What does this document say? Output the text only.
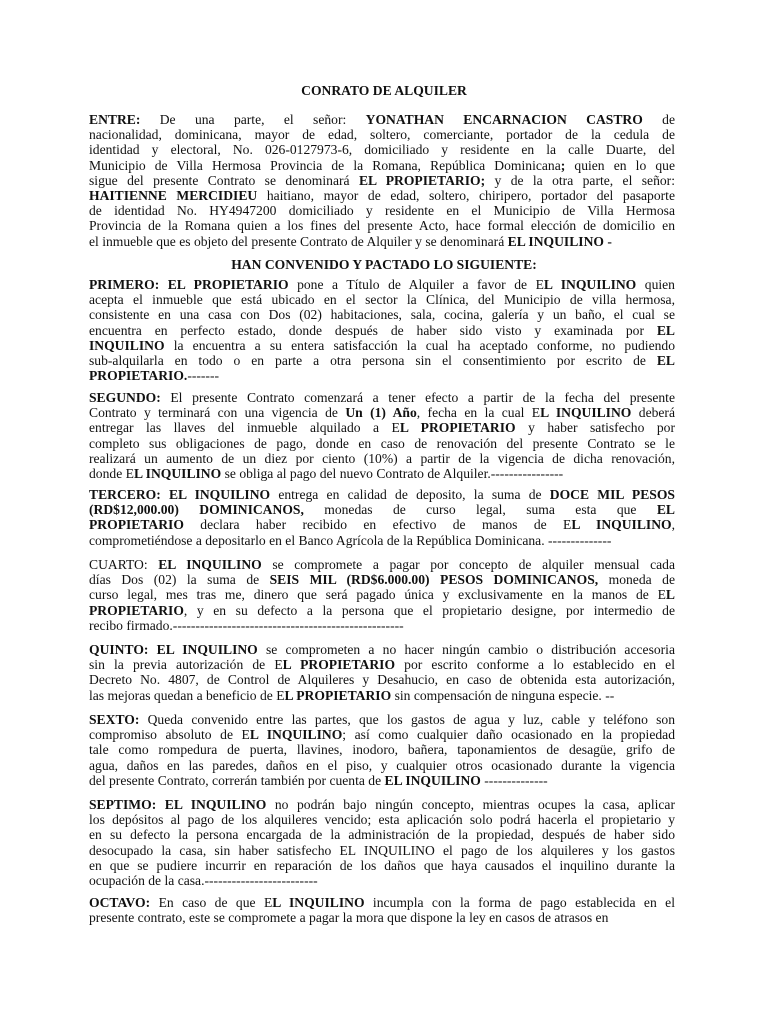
CONRATO DE ALQUILER
ENTRE: De una parte, el señor: YONATHAN ENCARNACION CASTRO de
nacionalidad, dominicana, mayor de edad, soltero, comerciante, portador de la cedula de
identidad y electoral, No. 026-0127973-6, domiciliado y residente en la calle Duarte, del
Municipio de Villa Hermosa Provincia de la Romana, República Dominicana; quien en lo que
sigue del presente Contrato se denominará EL PROPIETARIO; y de la otra parte, el señor:
HAITIENNE MERCIDIEU haitiano, mayor de edad, soltero, chiripero, portador del pasaporte
de identidad No. HY4947200 domiciliado y residente en el Municipio de Villa Hermosa
Provincia de la Romana quien a los fines del presente Acto, hace formal elección de domicilio en
el inmueble que es objeto del presente Contrato de Alquiler y se denominará EL INQUILINO -
HAN CONVENIDO Y PACTADO LO SIGUIENTE:
PRIMERO: EL PROPIETARIO pone a Título de Alquiler a favor de EL INQUILINO quien
acepta el inmueble que está ubicado en el sector la Clínica, del Municipio de villa hermosa,
consistente en una casa con Dos (02) habitaciones, sala, cocina, galería y un baño, el cual se
encuentra en perfecto estado, donde después de haber sido visto y examinada por EL
INQUILINO la encuentra a su entera satisfacción la cual ha aceptado conforme, no pudiendo
sub-alquilarla en todo o en parte a otra persona sin el consentimiento por escrito de EL
PROPIETARIO.-------
SEGUNDO: El presente Contrato comenzará a tener efecto a partir de la fecha del presente
Contrato y terminará con una vigencia de Un (1) Año, fecha en la cual EL INQUILINO deberá
entregar las llaves del inmueble alquilado a EL PROPIETARIO y haber satisfecho por
completo sus obligaciones de pago, donde en caso de renovación del presente Contrato se le
realizará un aumento de un diez por ciento (10%) a partir de la vigencia de dicha renovación,
donde EL INQUILINO se obliga al pago del nuevo Contrato de Alquiler.----------------
TERCERO: EL INQUILINO entrega en calidad de deposito, la suma de DOCE MIL PESOS
(RD$12,000.00) DOMINICANOS, monedas de curso legal, suma esta que EL
PROPIETARIO declara haber recibido en efectivo de manos de EL INQUILINO,
comprometiéndose a depositarlo en el Banco Agrícola de la República Dominicana. --------------
CUARTO: EL INQUILINO se compromete a pagar por concepto de alquiler mensual cada
días Dos (02) la suma de SEIS MIL (RD$6.000.00) PESOS DOMINICANOS, moneda de
curso legal, mes tras me, dinero que será pagado única y exclusivamente en la manos de EL
PROPIETARIO, y en su defecto a la persona que el propietario designe, por intermedio de
recibo firmado.---------------------------------------------------
QUINTO: EL INQUILINO se comprometen a no hacer ningún cambio o distribución accesoria
sin la previa autorización de EL PROPIETARIO por escrito conforme a lo establecido en el
Decreto No. 4807, de Control de Alquileres y Desahucio, en caso de obtenida esta autorización,
las mejoras quedan a beneficio de EL PROPIETARIO sin compensación de ninguna especie. --
SEXTO: Queda convenido entre las partes, que los gastos de agua y luz, cable y teléfono son
compromiso absoluto de EL INQUILINO; así como cualquier daño ocasionado en la propiedad
tale como rompedura de puerta, llavines, inodoro, bañera, taponamientos de desagüe, grifo de
agua, daños en las paredes, daños en el piso, y cualquier otros ocasionado durante la vigencia
del presente Contrato, correrán también por cuenta de EL INQUILINO --------------
SEPTIMO: EL INQUILINO no podrán bajo ningún concepto, mientras ocupes la casa, aplicar
los depósitos al pago de los alquileres vencido; esta aplicación solo podrá hacerla el propietario y
en su defecto la persona encargada de la administración de la propiedad, después de haber sido
desocupado la casa, sin haber satisfecho EL INQUILINO el pago de los alquileres y los gastos
en que se pudiere incurrir en reparación de los daños que haya causados el inquilino durante la
ocupación de la casa.-------------------------
OCTAVO: En caso de que EL INQUILINO incumpla con la forma de pago establecida en el
presente contrato, este se compromete a pagar la mora que dispone la ley en casos de atrasos en
